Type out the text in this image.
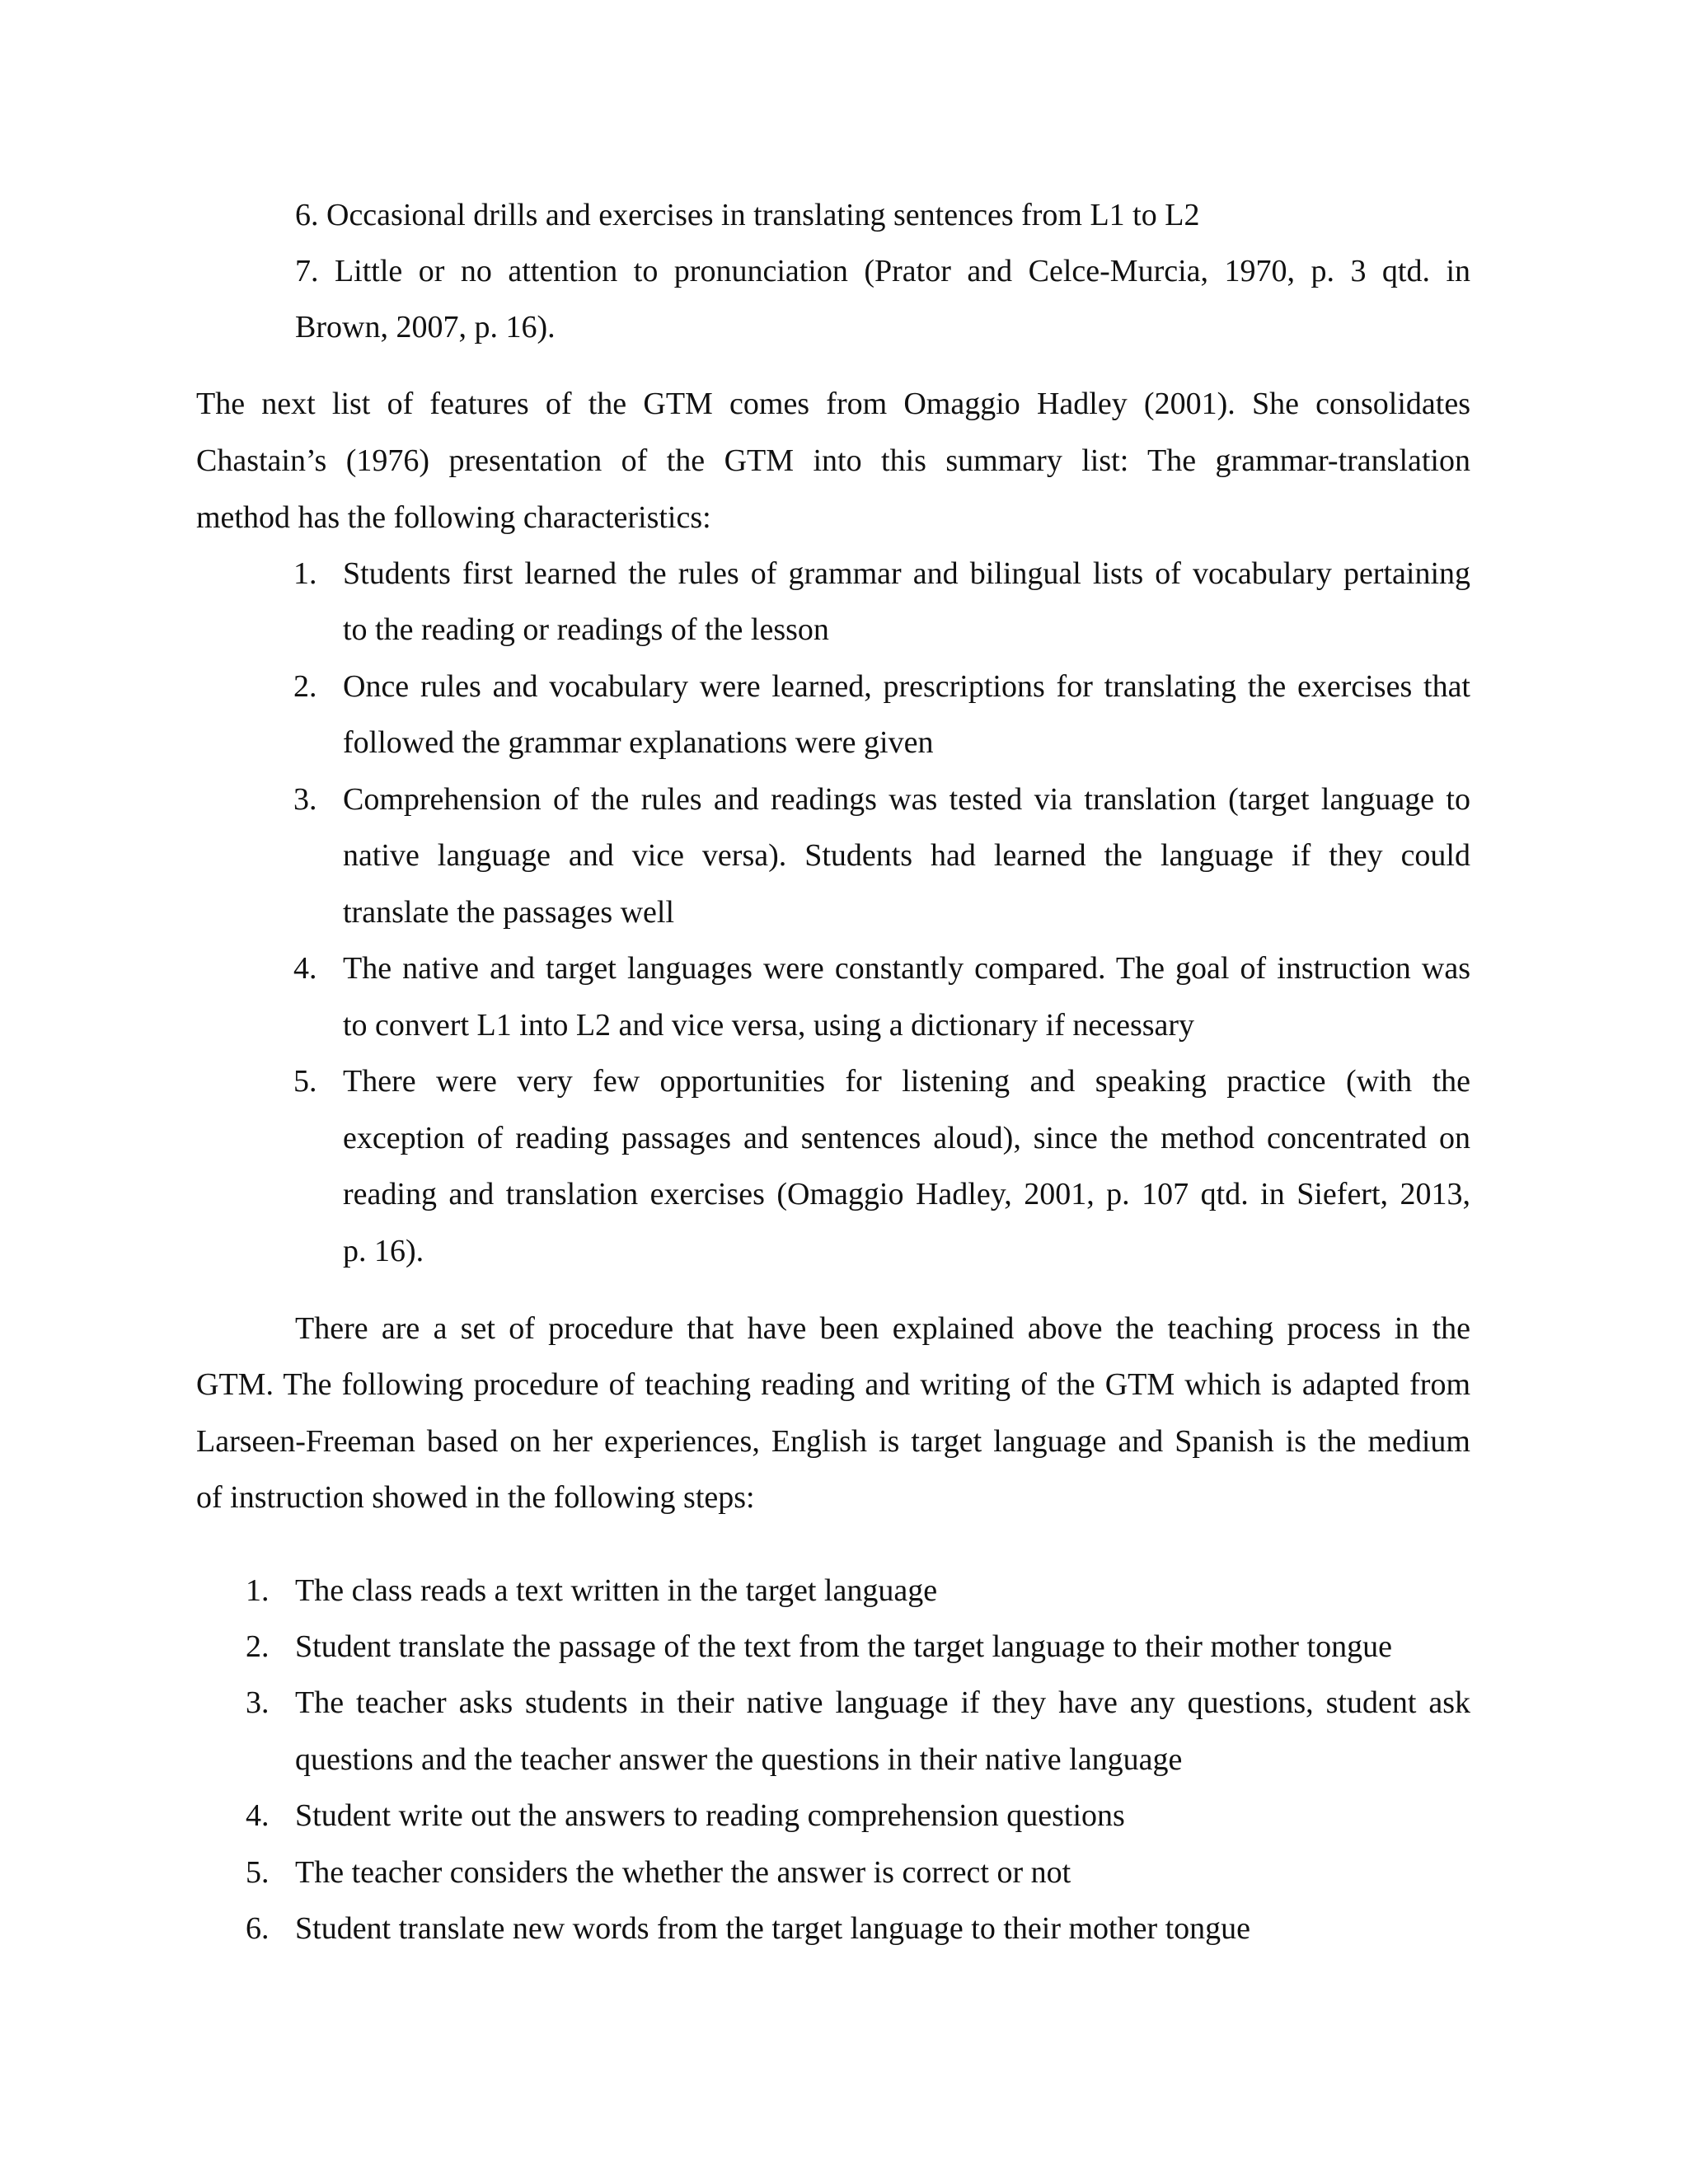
6. Occasional drills and exercises in translating sentences from L1 to L2
7. Little or no attention to pronunciation (Prator and Celce-Murcia, 1970, p. 3 qtd. in
Brown, 2007, p. 16).
The next list of features of the GTM comes from Omaggio Hadley (2001). She consolidates
Chastain’s (1976) presentation of the GTM into this summary list: The grammar-translation
method has the following characteristics:
1. Students first learned the rules of grammar and bilingual lists of vocabulary pertaining
to the reading or readings of the lesson
2. Once rules and vocabulary were learned, prescriptions for translating the exercises that
followed the grammar explanations were given
3. Comprehension of the rules and readings was tested via translation (target language to
native language and vice versa). Students had learned the language if they could
translate the passages well
4. The native and target languages were constantly compared. The goal of instruction was
to convert L1 into L2 and vice versa, using a dictionary if necessary
5. There were very few opportunities for listening and speaking practice (with the
exception of reading passages and sentences aloud), since the method concentrated on
reading and translation exercises (Omaggio Hadley, 2001, p. 107 qtd. in Siefert, 2013,
p. 16).
There are a set of procedure that have been explained above the teaching process in the
GTM. The following procedure of teaching reading and writing of the GTM which is adapted from
Larseen-Freeman based on her experiences, English is target language and Spanish is the medium
of instruction showed in the following steps:
1. The class reads a text written in the target language
2. Student translate the passage of the text from the target language to their mother tongue
3. The teacher asks students in their native language if they have any questions, student ask
questions and the teacher answer the questions in their native language
4. Student write out the answers to reading comprehension questions
5. The teacher considers the whether the answer is correct or not
6. Student translate new words from the target language to their mother tongue
